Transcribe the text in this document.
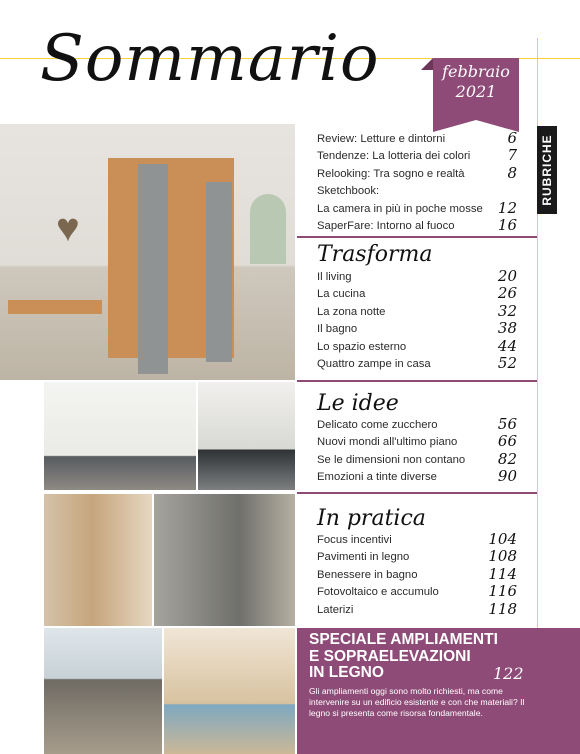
Sommario	febbraio
2021
RUBRICHE
♥
Review: Letture e dintorni	6
Tendenze: La lotteria dei colori 7
Relooking: Tra sogno e realtà	8
Sketchbook:
La camera in più in poche mosse 12
SaperFare: Intorno al fuoco	16
Trasforma
Il living	20
La cucina	26
La zona notte	32
Il bagno	38
Lo spazio esterno	44
Quattro zampe in casa	52
Le idee
Delicato come zucchero	56
Nuovi mondi all'ultimo piano	66
Se le dimensioni non contano 82
Emozioni a tinte diverse	90
In pratica
Focus incentivi	104
Pavimenti in legno	108
Benessere in bagno	114
Fotovoltaico e accumulo	116
Laterizi	118
SPECIALE AMPLIAMENTI
E SOPRAELEVAZIONI
IN LEGNO	122
Gli ampliamenti oggi sono molto richiesti, ma come intervenire su un edificio esistente e con che materiali? Il legno si presenta come risorsa fondamentale.
